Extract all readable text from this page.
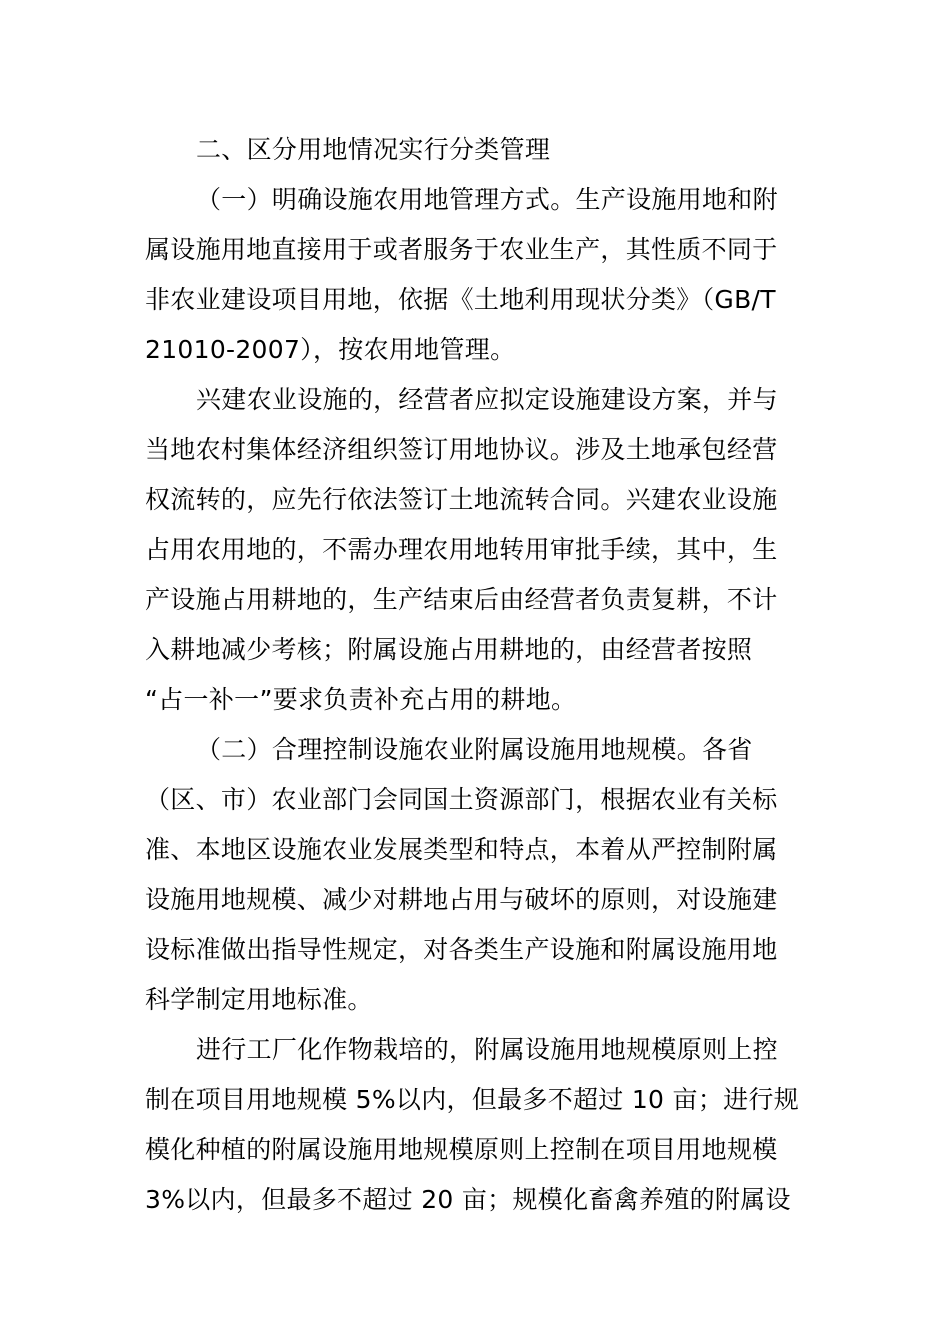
二、区分用地情况实行分类管理
（一）明确设施农用地管理方式。生产设施用地和附
属设施用地直接用于或者服务于农业生产，其性质不同于
非农业建设项目用地，依据《土地利用现状分类》（GB/T
21010-2007），按农用地管理。
兴建农业设施的，经营者应拟定设施建设方案，并与
当地农村集体经济组织签订用地协议。涉及土地承包经营
权流转的，应先行依法签订土地流转合同。兴建农业设施
占用农用地的，不需办理农用地转用审批手续，其中，生
产设施占用耕地的，生产结束后由经营者负责复耕，不计
入耕地减少考核；附属设施占用耕地的，由经营者按照
“占一补一”要求负责补充占用的耕地。
（二）合理控制设施农业附属设施用地规模。各省
（区、市）农业部门会同国土资源部门，根据农业有关标
准、本地区设施农业发展类型和特点，本着从严控制附属
设施用地规模、减少对耕地占用与破坏的原则，对设施建
设标准做出指导性规定，对各类生产设施和附属设施用地
科学制定用地标准。
进行工厂化作物栽培的，附属设施用地规模原则上控
制在项目用地规模 5%以内，但最多不超过 10 亩；进行规
模化种植的附属设施用地规模原则上控制在项目用地规模
3%以内，但最多不超过 20 亩；规模化畜禽养殖的附属设
